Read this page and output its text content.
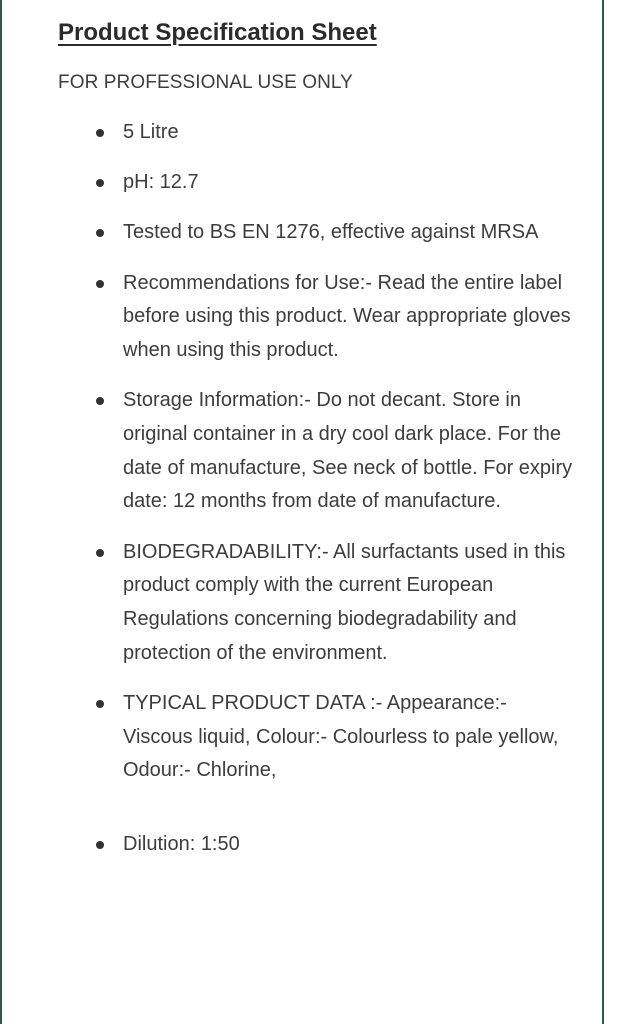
Product Specification Sheet
FOR PROFESSIONAL USE ONLY
5 Litre
pH: 12.7
Tested to BS EN 1276, effective against MRSA
Recommendations for Use:- Read the entire label before using this product. Wear appropriate gloves when using this product.
Storage Information:- Do not decant. Store in original container in a dry cool dark place. For the date of manufacture, See neck of bottle. For expiry date: 12 months from date of manufacture.
BIODEGRADABILITY:- All surfactants used in this product comply with the current European Regulations concerning biodegradability and protection of the environment.
TYPICAL PRODUCT DATA :- Appearance:- Viscous liquid, Colour:- Colourless to pale yellow, Odour:- Chlorine,
Dilution: 1:50
